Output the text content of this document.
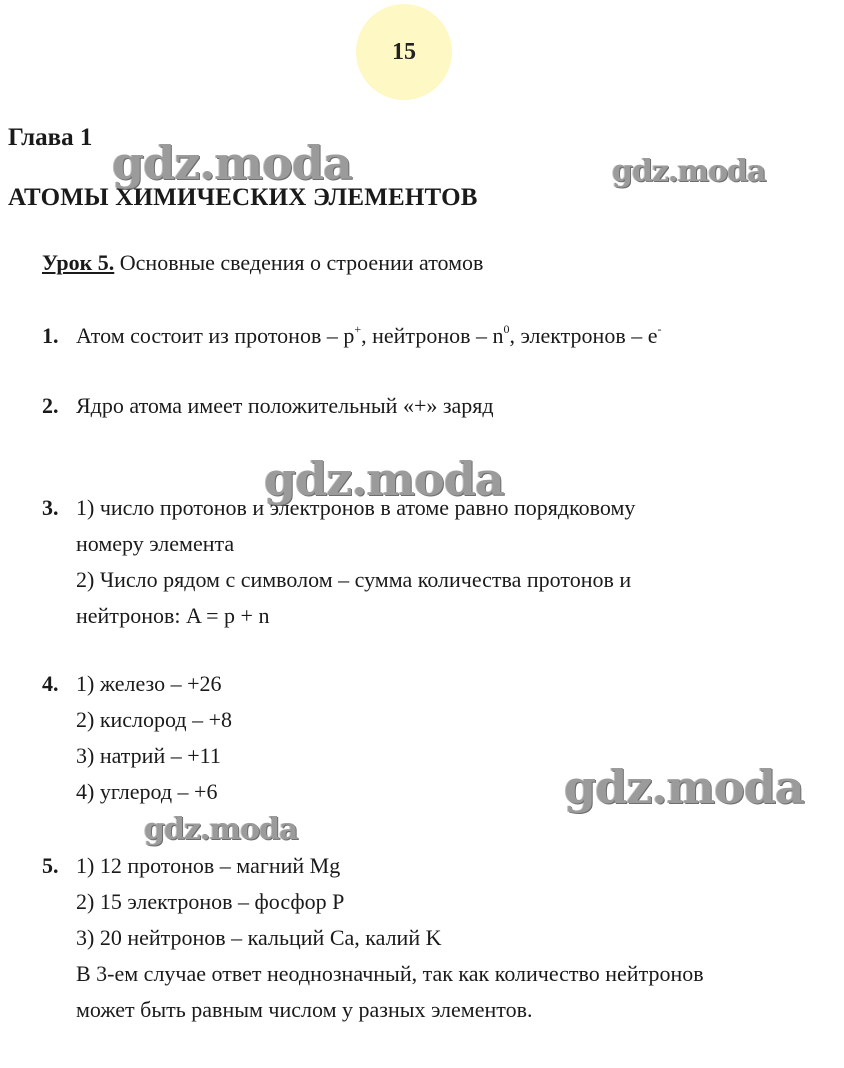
15
Глава 1
АТОМЫ ХИМИЧЕСКИХ ЭЛЕМЕНТОВ
Урок 5. Основные сведения о строении атомов
1. Атом состоит из протонов – p+, нейтронов – $n^0$, электронов – e-
2. Ядро атома имеет положительный «+» заряд
3. 1) число протонов и электронов в атоме равно порядковому
номеру элемента
2) Число рядом с символом – сумма количества протонов и
нейтронов: A = p + n
4. 1) железо – +26
2) кислород – +8
3) натрий – +11
4) углерод – +6
5. 1) 12 протонов – магний Mg
2) 15 электронов – фосфор P
3) 20 нейтронов – кальций Ca, калий K
В 3-ем случае ответ неоднозначный, так как количество нейтронов
может быть равным числом у разных элементов.
gdz.moda	gdz.moda
gdz.moda
gdz.moda
gdz.moda
